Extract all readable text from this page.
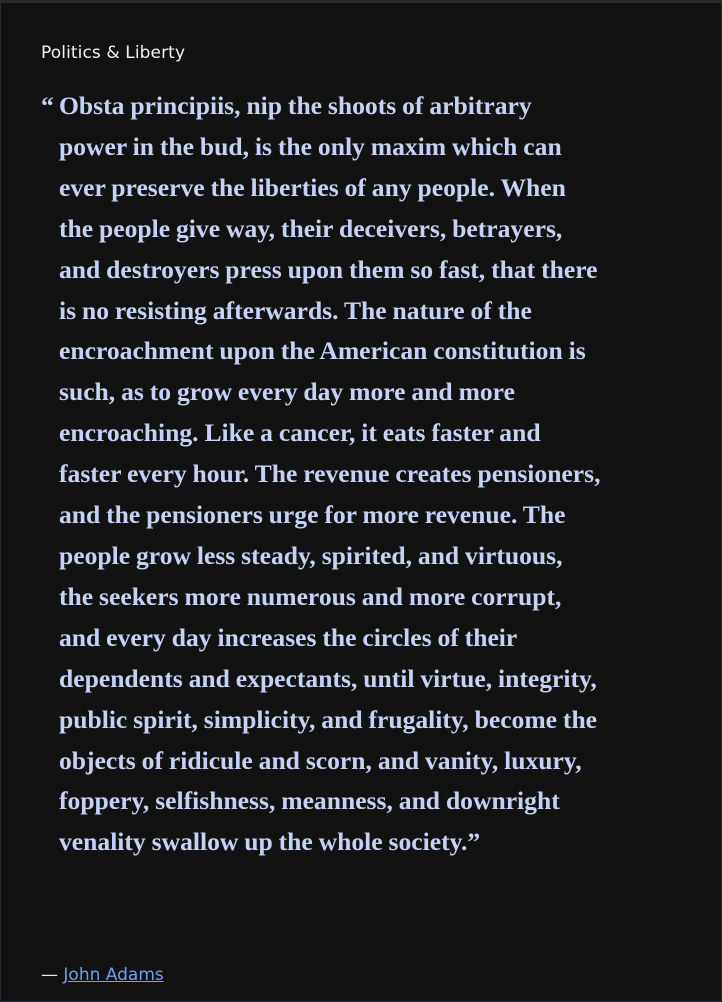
Politics & Liberty
“ Obsta principiis, nip the shoots of arbitrary power in the bud, is the only maxim which can ever preserve the liberties of any people. When the people give way, their deceivers, betrayers, and destroyers press upon them so fast, that there is no resisting afterwards. The nature of the encroachment upon the American constitution is such, as to grow every day more and more encroaching. Like a cancer, it eats faster and faster every hour. The revenue creates pensioners, and the pensioners urge for more revenue. The people grow less steady, spirited, and virtuous, the seekers more numerous and more corrupt, and every day increases the circles of their dependents and expectants, until virtue, integrity, public spirit, simplicity, and frugality, become the objects of ridicule and scorn, and vanity, luxury, foppery, selfishness, meanness, and downright venality swallow up the whole society.”
— John Adams
